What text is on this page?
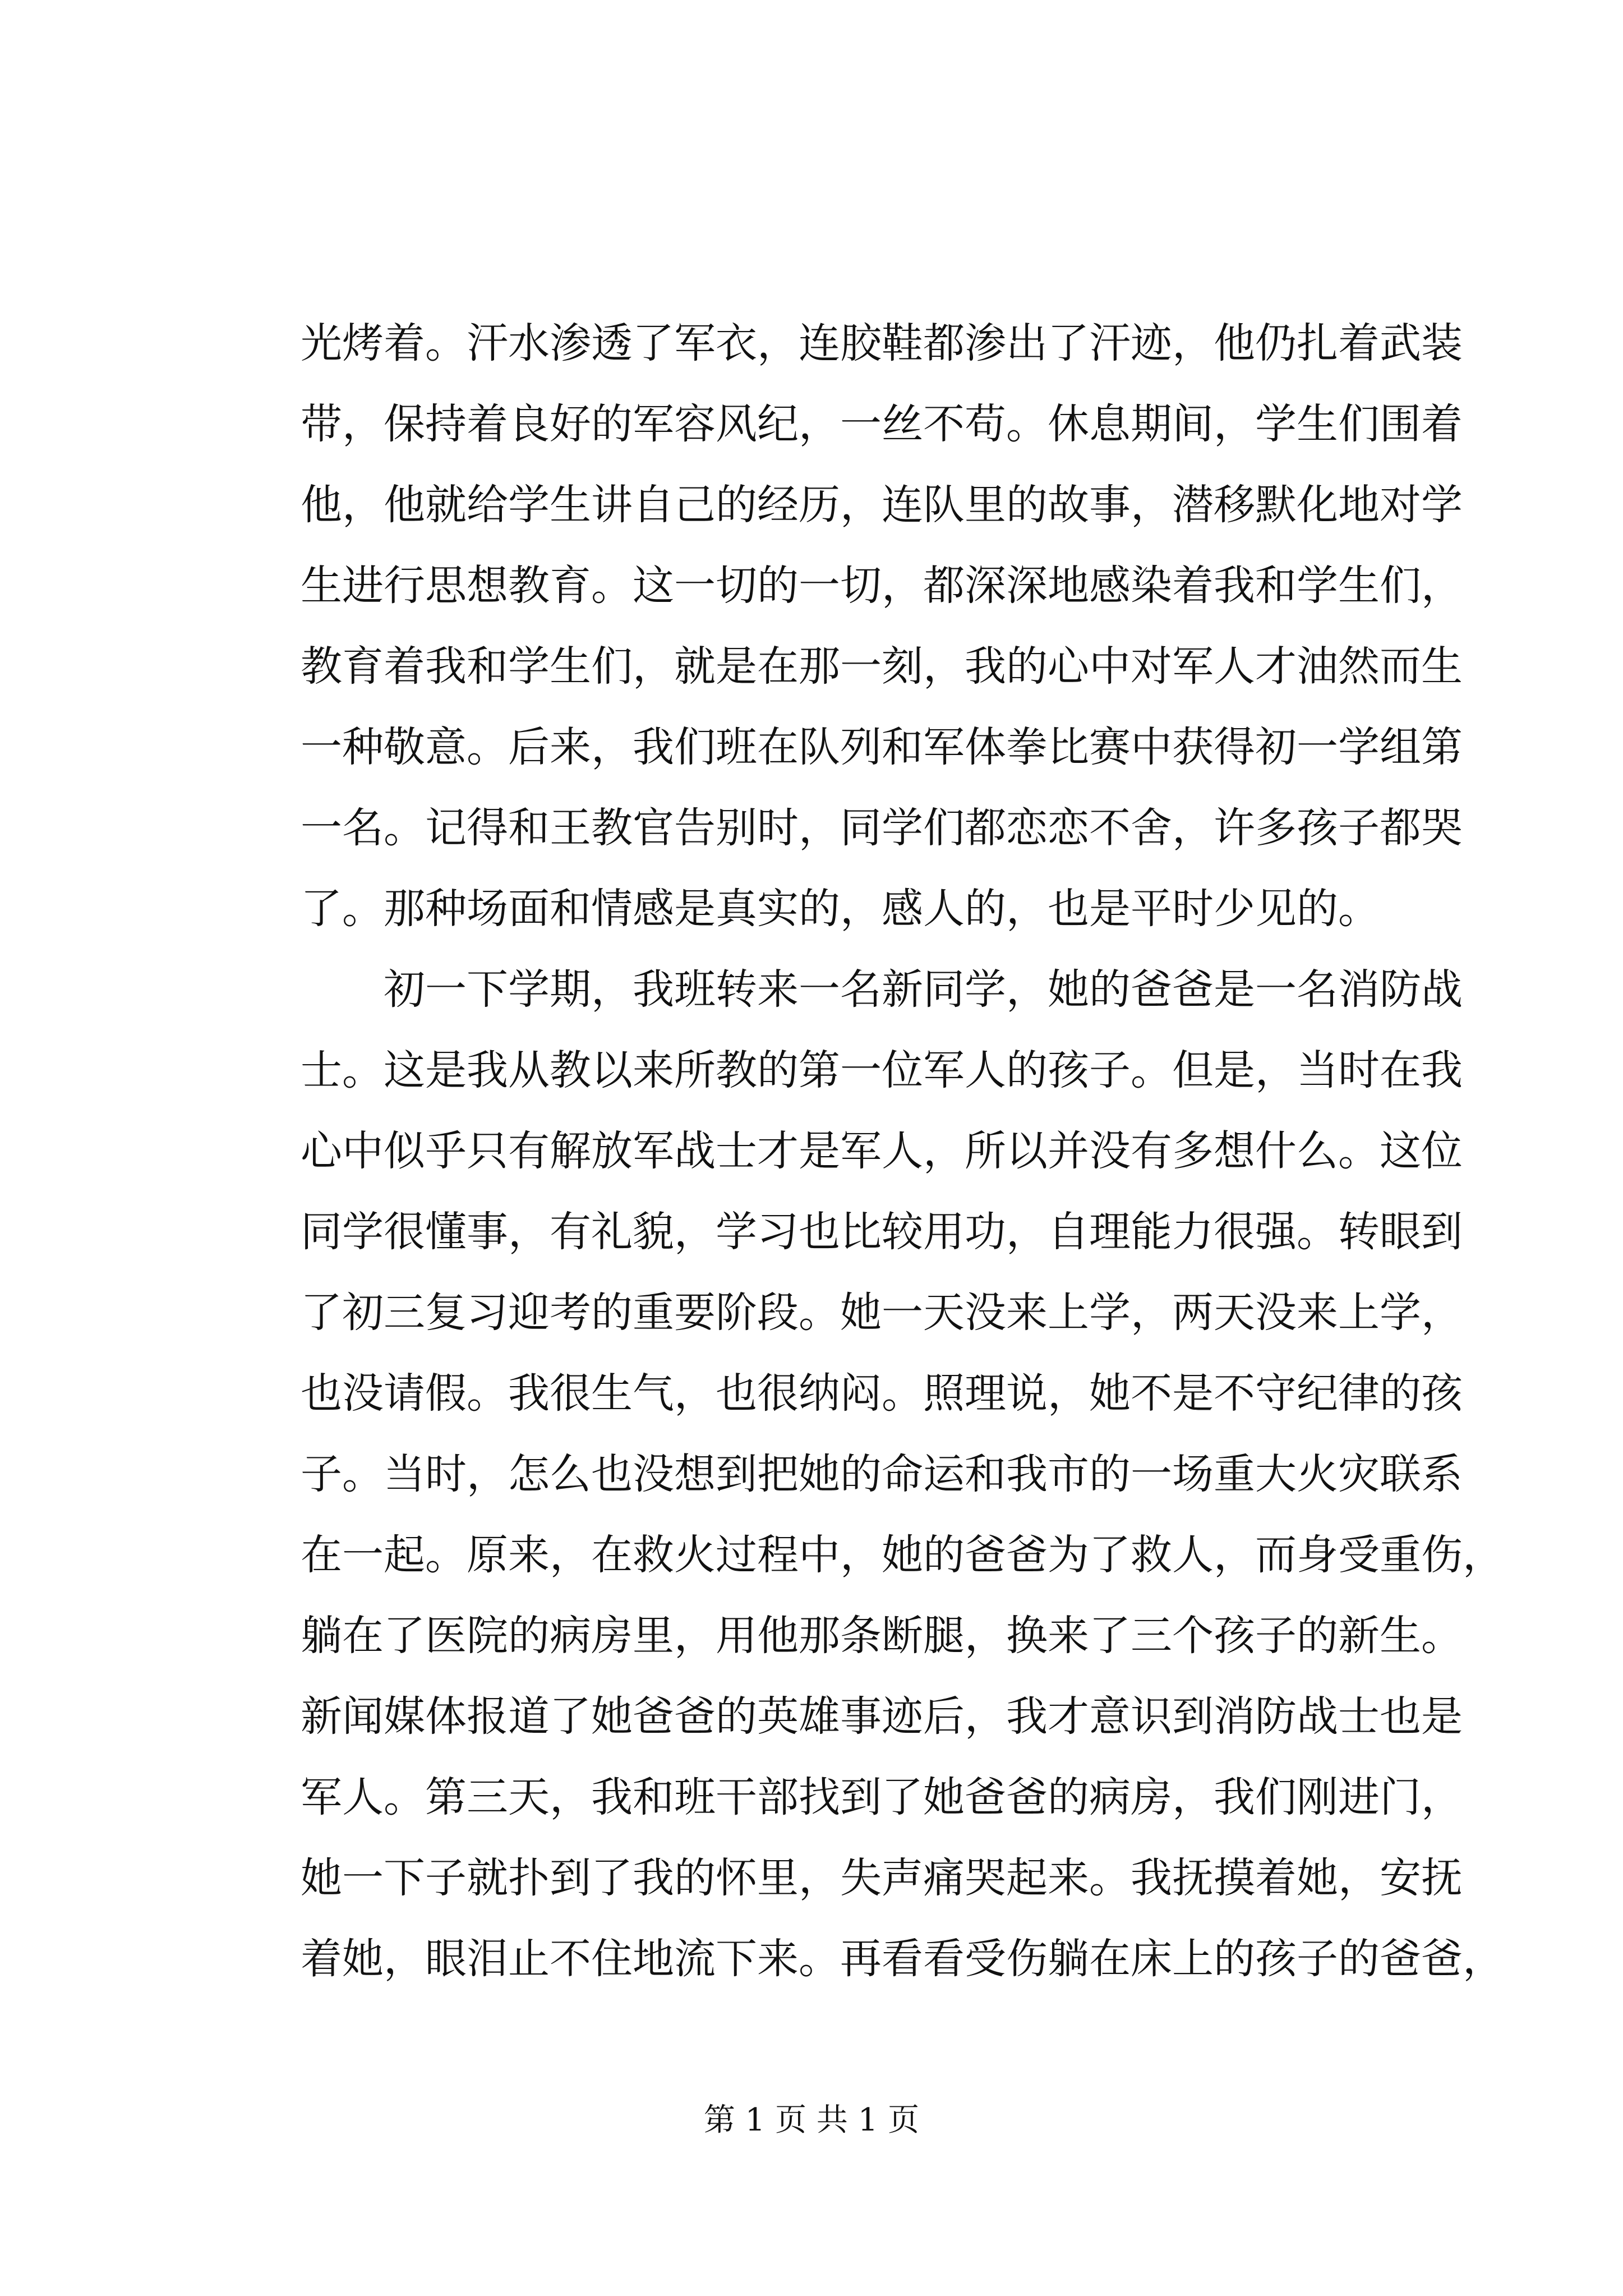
光烤着。汗水渗透了军衣，连胶鞋都渗出了汗迹，他仍扎着武装
带，保持着良好的军容风纪，一丝不苟。休息期间，学生们围着
他，他就给学生讲自己的经历，连队里的故事，潜移默化地对学
生进行思想教育。这一切的一切，都深深地感染着我和学生们，
教育着我和学生们，就是在那一刻，我的心中对军人才油然而生
一种敬意。后来，我们班在队列和军体拳比赛中获得初一学组第
一名。记得和王教官告别时，同学们都恋恋不舍，许多孩子都哭
了。那种场面和情感是真实的，感人的，也是平时少见的。
　　初一下学期，我班转来一名新同学，她的爸爸是一名消防战
士。这是我从教以来所教的第一位军人的孩子。但是，当时在我
心中似乎只有解放军战士才是军人，所以并没有多想什么。这位
同学很懂事，有礼貌，学习也比较用功，自理能力很强。转眼到
了初三复习迎考的重要阶段。她一天没来上学，两天没来上学，
也没请假。我很生气，也很纳闷。照理说，她不是不守纪律的孩
子。当时，怎么也没想到把她的命运和我市的一场重大火灾联系
在一起。原来，在救火过程中，她的爸爸为了救人，而身受重伤，
躺在了医院的病房里，用他那条断腿，换来了三个孩子的新生。
新闻媒体报道了她爸爸的英雄事迹后，我才意识到消防战士也是
军人。第三天，我和班干部找到了她爸爸的病房，我们刚进门，
她一下子就扑到了我的怀里，失声痛哭起来。我抚摸着她，安抚
着她，眼泪止不住地流下来。再看看受伤躺在床上的孩子的爸爸，
第 1 页 共 1 页
